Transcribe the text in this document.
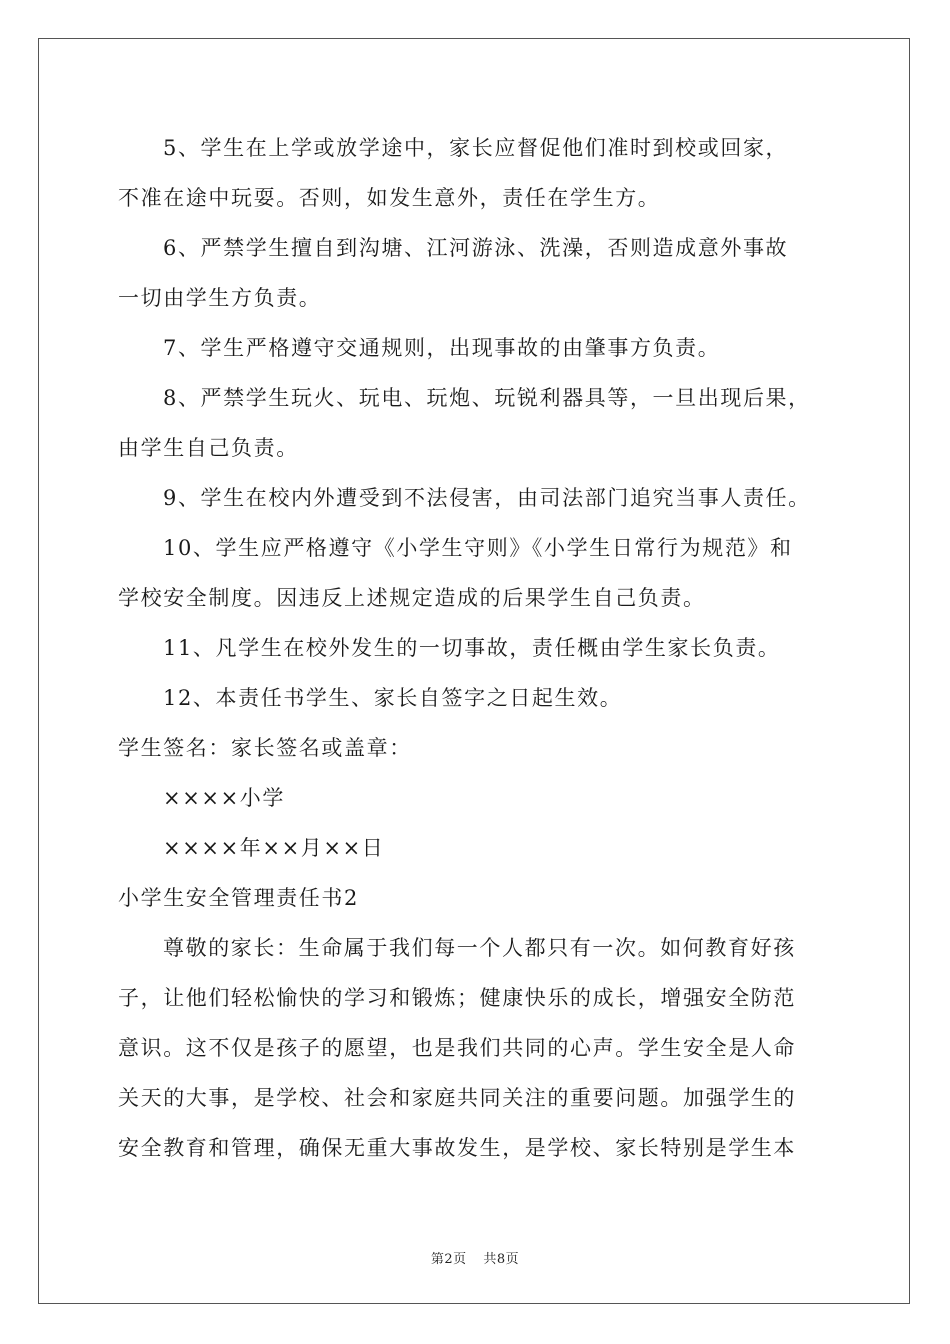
5、学生在上学或放学途中，家长应督促他们准时到校或回家，
不准在途中玩耍。否则，如发生意外，责任在学生方。
6、严禁学生擅自到沟塘、江河游泳、洗澡，否则造成意外事故
一切由学生方负责。
7、学生严格遵守交通规则，出现事故的由肇事方负责。
8、严禁学生玩火、玩电、玩炮、玩锐利器具等，一旦出现后果，
由学生自己负责。
9、学生在校内外遭受到不法侵害，由司法部门追究当事人责任。
10、学生应严格遵守《小学生守则》《小学生日常行为规范》和
学校安全制度。因违反上述规定造成的后果学生自己负责。
11、凡学生在校外发生的一切事故，责任概由学生家长负责。
12、本责任书学生、家长自签字之日起生效。
学生签名：家长签名或盖章：
××××小学
××××年××月××日
小学生安全管理责任书2
尊敬的家长：生命属于我们每一个人都只有一次。如何教育好孩
子，让他们轻松愉快的学习和锻炼；健康快乐的成长，增强安全防范
意识。这不仅是孩子的愿望，也是我们共同的心声。学生安全是人命
关天的大事，是学校、社会和家庭共同关注的重要问题。加强学生的
安全教育和管理，确保无重大事故发生，是学校、家长特别是学生本
第2页 共8页
